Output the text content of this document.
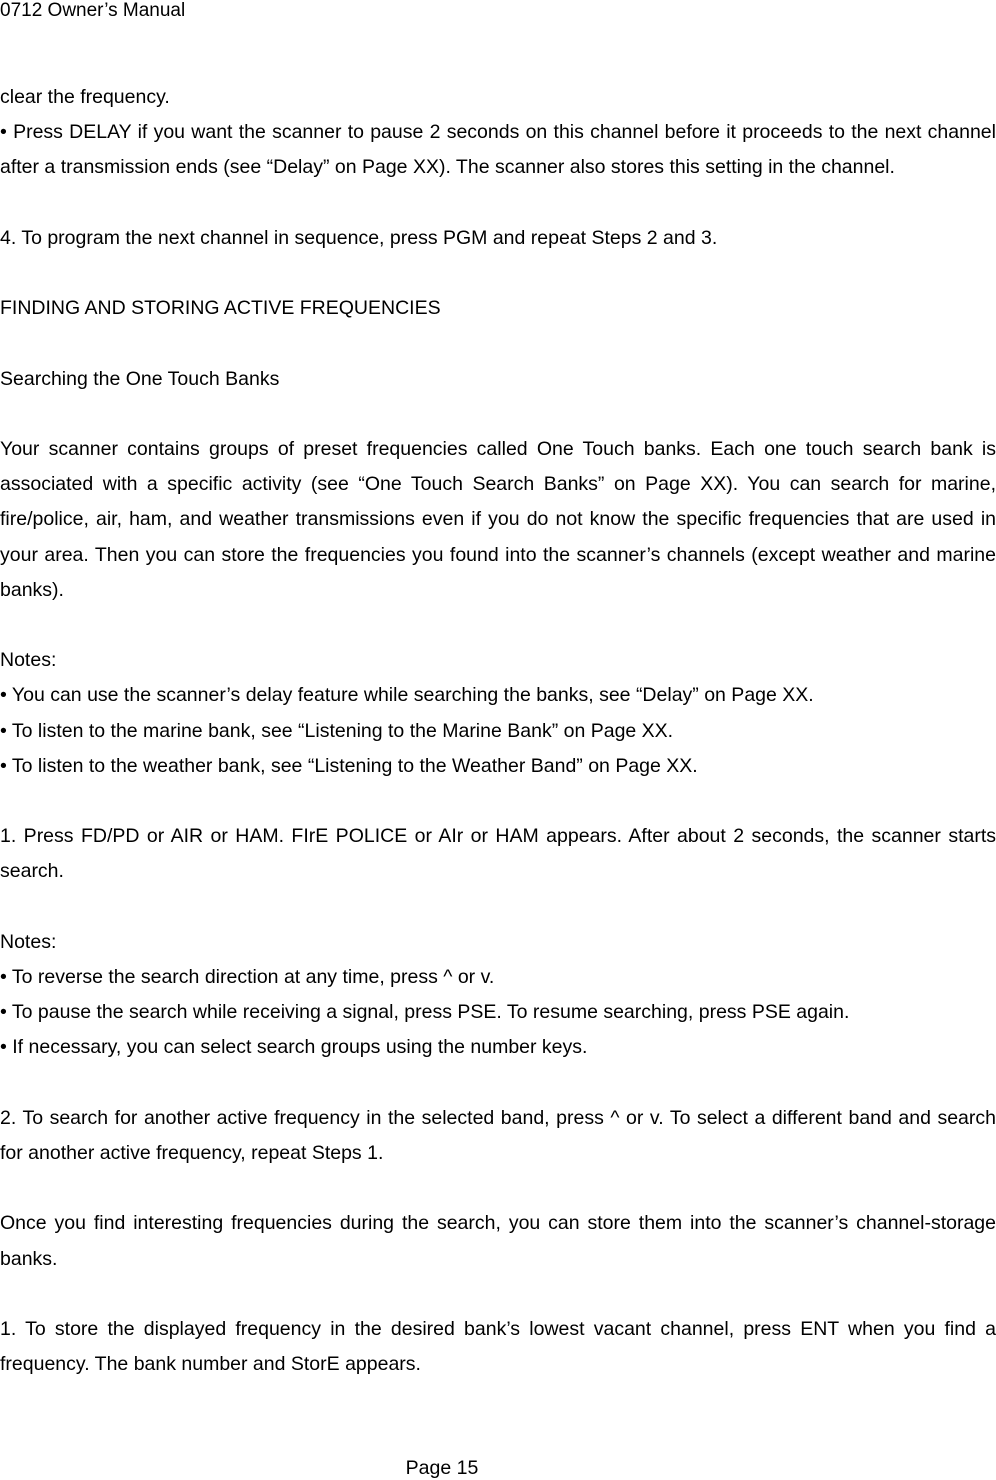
0712 Owner’s Manual

clear the frequency.

• Press DELAY if you want the scanner to pause 2 seconds on this channel before it proceeds to the next channel after a transmission ends (see “Delay” on Page XX). The scanner also stores this setting in the channel.

4. To program the next channel in sequence, press PGM and repeat Steps 2 and 3.

FINDING AND STORING ACTIVE FREQUENCIES

Searching the One Touch Banks

Your scanner contains groups of preset frequencies called One Touch banks. Each one touch search bank is associated with a specific activity (see “One Touch Search Banks” on Page XX). You can search for marine, fire/police, air, ham, and weather transmissions even if you do not know the specific frequencies that are used in your area. Then you can store the frequencies you found into the scanner’s channels (except weather and marine banks).

Notes:

• You can use the scanner’s delay feature while searching the banks, see “Delay” on Page XX.

• To listen to the marine bank, see “Listening to the Marine Bank” on Page XX.

• To listen to the weather bank, see “Listening to the Weather Band” on Page XX.

1. Press FD/PD or AIR or HAM. FIrE POLICE or AIr or HAM appears. After about 2 seconds, the scanner starts search.

Notes:

• To reverse the search direction at any time, press ^ or v.

• To pause the search while receiving a signal, press PSE. To resume searching, press PSE again.

• If necessary, you can select search groups using the number keys.

2. To search for another active frequency in the selected band, press ^ or v. To select a different band and search for another active frequency, repeat Steps 1.

Once you find interesting frequencies during the search, you can store them into the scanner’s channel-storage banks.

1. To store the displayed frequency in the desired bank’s lowest vacant channel, press ENT when you find a frequency. The bank number and StorE appears.

Page 15
